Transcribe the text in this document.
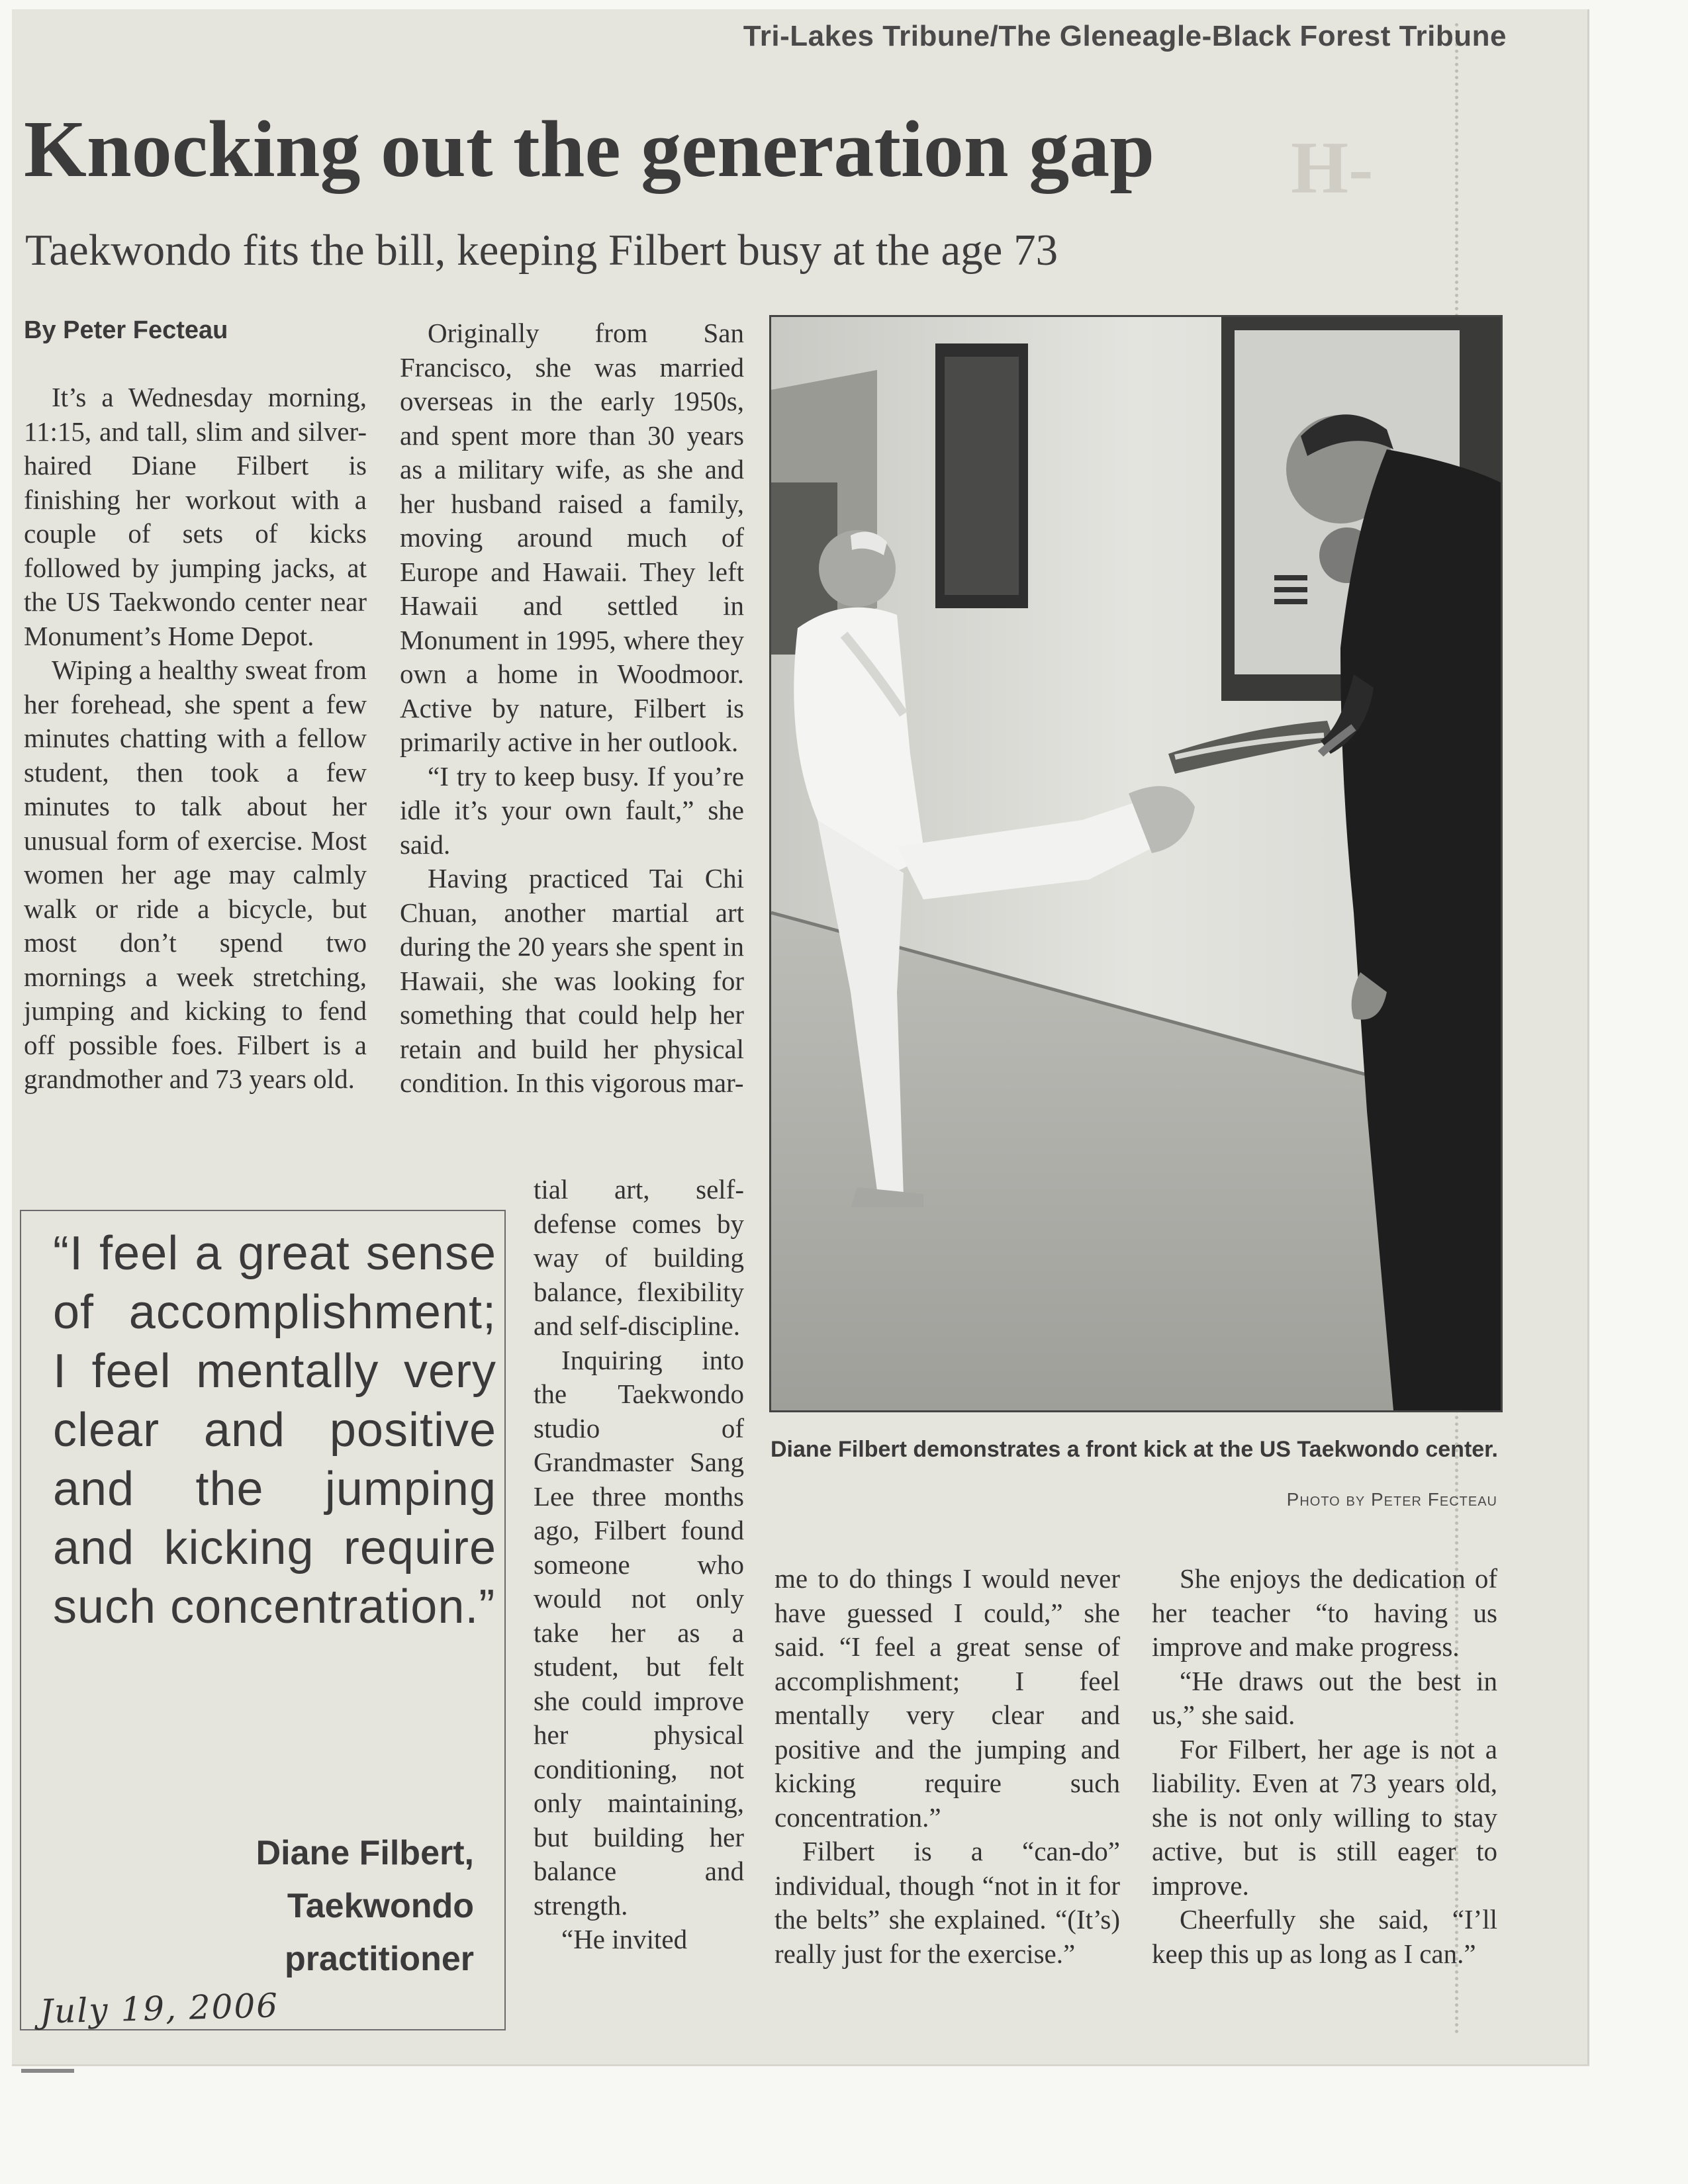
H-
Tri-Lakes Tribune/The Gleneagle-Black Forest Tribune
Knocking out the generation gap
Taekwondo fits the bill, keeping Filbert busy at the age 73
By Peter Fecteau

It’s a Wednesday morning, 11:15, and tall, slim and silver-haired Diane Filbert is finishing her workout with a couple of sets of kicks followed by jumping jacks, at the US Taekwondo center near Monument’s Home Depot.

Wiping a healthy sweat from her forehead, she spent a few minutes chatting with a fellow student, then took a few minutes to talk about her unusual form of exercise. Most women her age may calmly walk or ride a bicycle, but most don’t spend two mornings a week stretching, jumping and kicking to fend off possible foes. Filbert is a grandmother and 73 years old.

Originally from San Francisco, she was married overseas in the early 1950s, and spent more than 30 years as a military wife, as she and her husband raised a family, moving around much of Europe and Hawaii. They left Hawaii and settled in Monument in 1995, where they own a home in Woodmoor. Active by nature, Filbert is primarily active in her outlook.

“I try to keep busy. If you’re idle it’s your own fault,” she said.

Having practiced Tai Chi Chuan, another martial art during the 20 years she spent in Hawaii, she was looking for something that could help her retain and build her physical condition. In this vigorous mar-

tial art, self-defense comes by way of building balance, flexibility and self-discipline.

Inquiring into the Taekwondo studio of Grandmaster Sang Lee three months ago, Filbert found someone who would not only take her as a student, but felt she could improve her physical conditioning, not only maintaining, but building her balance and strength.

“He invited

me to do things I would never have guessed I could,” she said. “I feel a great sense of accomplishment; I feel mentally very clear and positive and the jumping and kicking require such concentration.”

Filbert is a “can-do” individual, though “not in it for the belts” she explained. “(It’s) really just for the exercise.”

She enjoys the dedication of her teacher “to having us improve and make progress.

“He draws out the best in us,” she said.

For Filbert, her age is not a liability. Even at 73 years old, she is not only willing to stay active, but is still eager to improve.

Cheerfully she said, “I’ll keep this up as long as I can.”

“I feel a great sense of accomplishment; I feel mentally very clear and positive and the jumping and kicking require such concentration.”
Diane Filbert,
Taekwondo
practitioner
July 19, 2006
Diane Filbert demonstrates a front kick at the US Taekwondo center.
Photo by Peter Fecteau
